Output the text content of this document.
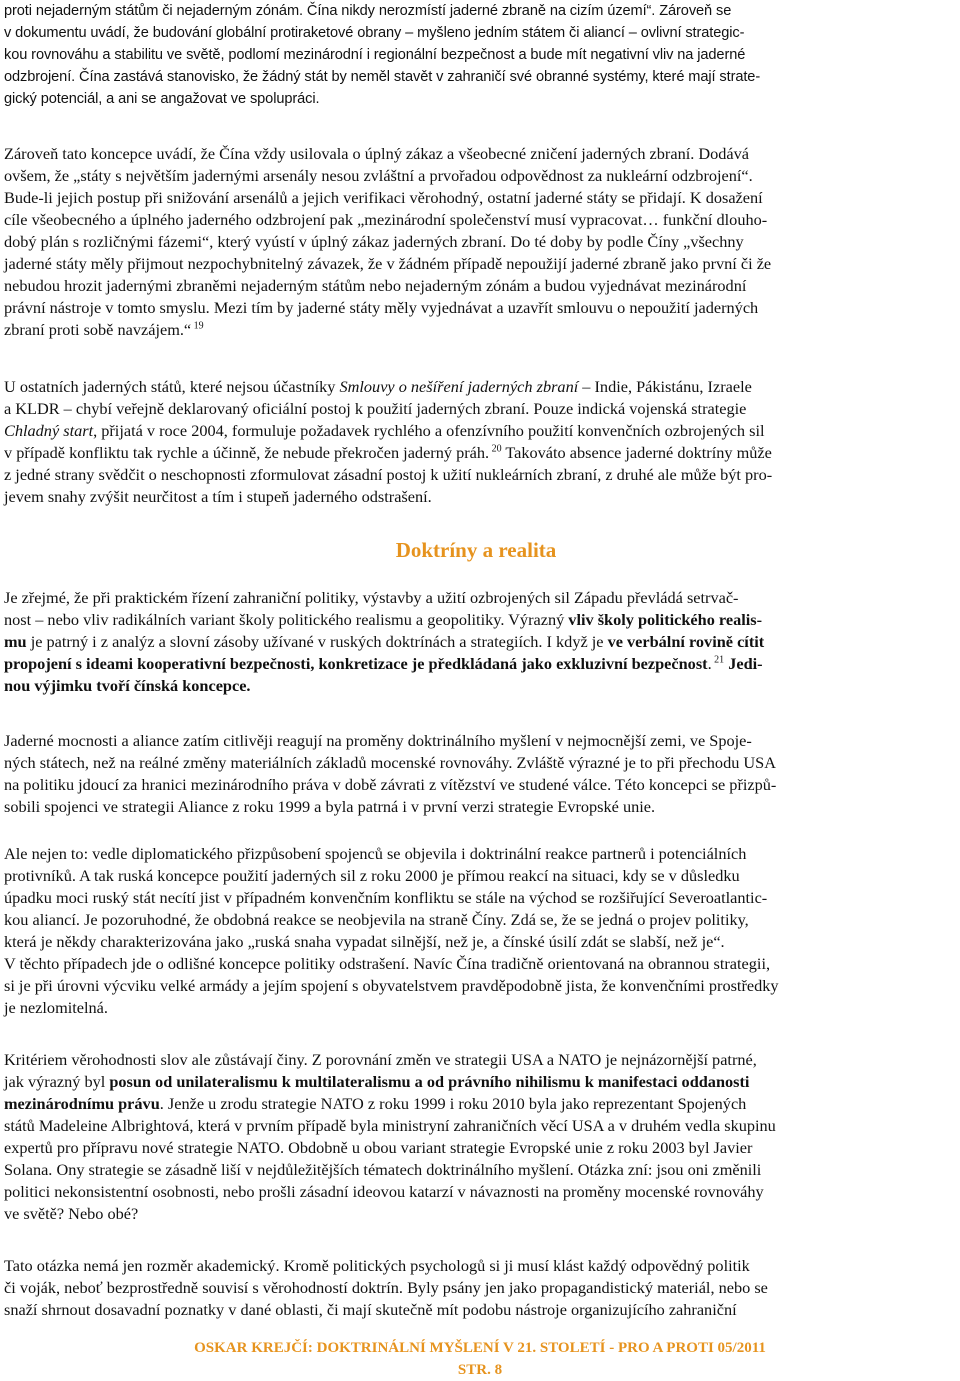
proti nejaderným státům či nejaderným zónám. Čína nikdy nerozmístí jaderné zbraně na cizím území“. Zároveň se
v dokumentu uvádí, že budování globální protiraketové obrany – myšleno jedním státem či aliancí – ovlivní strategic-
kou rovnováhu a stabilitu ve světě, podlomí mezinárodní i regionální bezpečnost a bude mít negativní vliv na jaderné
odzbrojení. Čína zastává stanovisko, že žádný stát by neměl stavět v zahraničí své obranné systémy, které mají strate-
gický potenciál, a ani se angažovat ve spolupráci.
Zároveň tato koncepce uvádí, že Čína vždy usilovala o úplný zákaz a všeobecné zničení jaderných zbraní. Dodává
ovšem, že „státy s největším jadernými arsenály nesou zvláštní a prvořadou odpovědnost za nukleární odzbrojení“.
Bude-li jejich postup při snižování arsenálů a jejich verifikaci věrohodný, ostatní jaderné státy se přidají. K dosažení
cíle všeobecného a úplného jaderného odzbrojení pak „mezinárodní společenství musí vypracovat… funkční dlouho-
dobý plán s rozličnými fázemi“, který vyústí v úplný zákaz jaderných zbraní. Do té doby by podle Číny „všechny
jaderné státy měly přijmout nezpochybnitelný závazek, že v žádném případě nepoužijí jaderné zbraně jako první či že
nebudou hrozit jadernými zbraněmi nejaderným státům nebo nejaderným zónám a budou vyjednávat mezinárodní
právní nástroje v tomto smyslu. Mezi tím by jaderné státy měly vyjednávat a uzavřít smlouvu o nepoužití jaderných
zbraní proti sobě navzájem.“ $^{19}$
U ostatních jaderných států, které nejsou účastníky Smlouvy o nešíření jaderných zbraní – Indie, Pákistánu, Izraele
a KLDR – chybí veřejně deklarovaný oficiální postoj k použití jaderných zbraní. Pouze indická vojenská strategie
Chladný start, přijatá v roce 2004, formuluje požadavek rychlého a ofenzívního použití konvenčních ozbrojených sil
v případě konfliktu tak rychle a účinně, že nebude překročen jaderný práh. $^{20}$ Takováto absence jaderné doktríny může
z jedné strany svědčit o neschopnosti zformulovat zásadní postoj k užití nukleárních zbraní, z druhé ale může být pro-
jevem snahy zvýšit neurčitost a tím i stupeň jaderného odstrašení.
Doktríny a realita
Je zřejmé, že při praktickém řízení zahraniční politiky, výstavby a užití ozbrojených sil Západu převládá setrvač-
nost – nebo vliv radikálních variant školy politického realismu a geopolitiky. Výrazný vliv školy politického realis-
mu je patrný i z analýz a slovní zásoby užívané v ruských doktrínách a strategiích. I když je ve verbální rovině cítit
propojení s ideami kooperativní bezpečnosti, konkretizace je předkládaná jako exkluzivní bezpečnost. $^{21}$ Jedi-
nou výjimku tvoří čínská koncepce.
Jaderné mocnosti a aliance zatím citlivěji reagují na proměny doktrinálního myšlení v nejmocnější zemi, ve Spoje-
ných státech, než na reálné změny materiálních základů mocenské rovnováhy. Zvláště výrazné je to při přechodu USA
na politiku jdoucí za hranici mezinárodního práva v době závrati z vítězství ve studené válce. Této koncepci se přizpů-
sobili spojenci ve strategii Aliance z roku 1999 a byla patrná i v první verzi strategie Evropské unie.
Ale nejen to: vedle diplomatického přizpůsobení spojenců se objevila i doktrinální reakce partnerů i potenciálních
protivníků. A tak ruská koncepce použití jaderných sil z roku 2000 je přímou reakcí na situaci, kdy se v důsledku
úpadku moci ruský stát necítí jist v případném konvenčním konfliktu se stále na východ se rozšiřující Severoatlantic-
kou aliancí. Je pozoruhodné, že obdobná reakce se neobjevila na straně Číny. Zdá se, že se jedná o projev politiky,
která je někdy charakterizována jako „ruská snaha vypadat silnější, než je, a čínské úsilí zdát se slabší, než je“.
V těchto případech jde o odlišné koncepce politiky odstrašení. Navíc Čína tradičně orientovaná na obrannou strategii,
si je při úrovni výcviku velké armády a jejím spojení s obyvatelstvem pravděpodobně jista, že konvenčními prostředky
je nezlomitelná.
Kritériem věrohodnosti slov ale zůstávají činy. Z porovnání změn ve strategii USA a NATO je nejnázornější patrné,
jak výrazný byl posun od unilateralismu k multilateralismu a od právního nihilismu k manifestaci oddanosti
mezinárodnímu právu. Jenže u zrodu strategie NATO z roku 1999 i roku 2010 byla jako reprezentant Spojených
států Madeleine Albrightová, která v prvním případě byla ministryní zahraničních věcí USA a v druhém vedla skupinu
expertů pro přípravu nové strategie NATO. Obdobně u obou variant strategie Evropské unie z roku 2003 byl Javier
Solana. Ony strategie se zásadně liší v nejdůležitějších tématech doktrinálního myšlení. Otázka zní: jsou oni změnili
politici nekonsistentní osobnosti, nebo prošli zásadní ideovou katarzí v návaznosti na proměny mocenské rovnováhy
ve světě? Nebo obé?
Tato otázka nemá jen rozměr akademický. Kromě politických psychologů si ji musí klást každý odpovědný politik
či voják, neboť bezprostředně souvisí s věrohodností doktrín. Byly psány jen jako propagandistický materiál, nebo se
snaží shrnout dosavadní poznatky v dané oblasti, či mají skutečně mít podobu nástroje organizujícího zahraniční
OSKAR KREJČÍ: DOKTRINÁLNÍ MYŠLENÍ V 21. STOLETÍ - PRO A PROTI 05/2011
STR. 8
